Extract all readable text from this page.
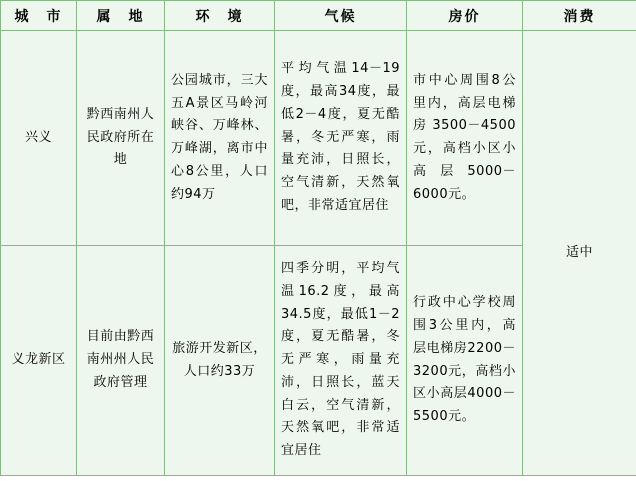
城　市	属　地	环　境	气候	房价	消费
兴义	黔西南州人民政府所在地	公园城市，三大五A景区马岭河峡谷、万峰林、万峰湖，离市中心8公里，人口约94万	平均气温14－19度，最高34度，最低2－4度，夏无酷暑，冬无严寒，雨量充沛，日照长，空气清新，天然氧吧，非常适宜居住	市中心周围8公里内，高层电梯房3500－4500元，高档小区小高层5000－6000元。	适中
义龙新区	目前由黔西南州州人民政府管理	旅游开发新区，人口约33万	四季分明，平均气温16.2度，最高34.5度，最低1－2度，夏无酷暑，冬无严寒，雨量充沛，日照长，蓝天白云，空气清新，天然氧吧，非常适宜居住	行政中心学校周围3公里内，高层电梯房2200－3200元，高档小区小高层4000－5500元。	
